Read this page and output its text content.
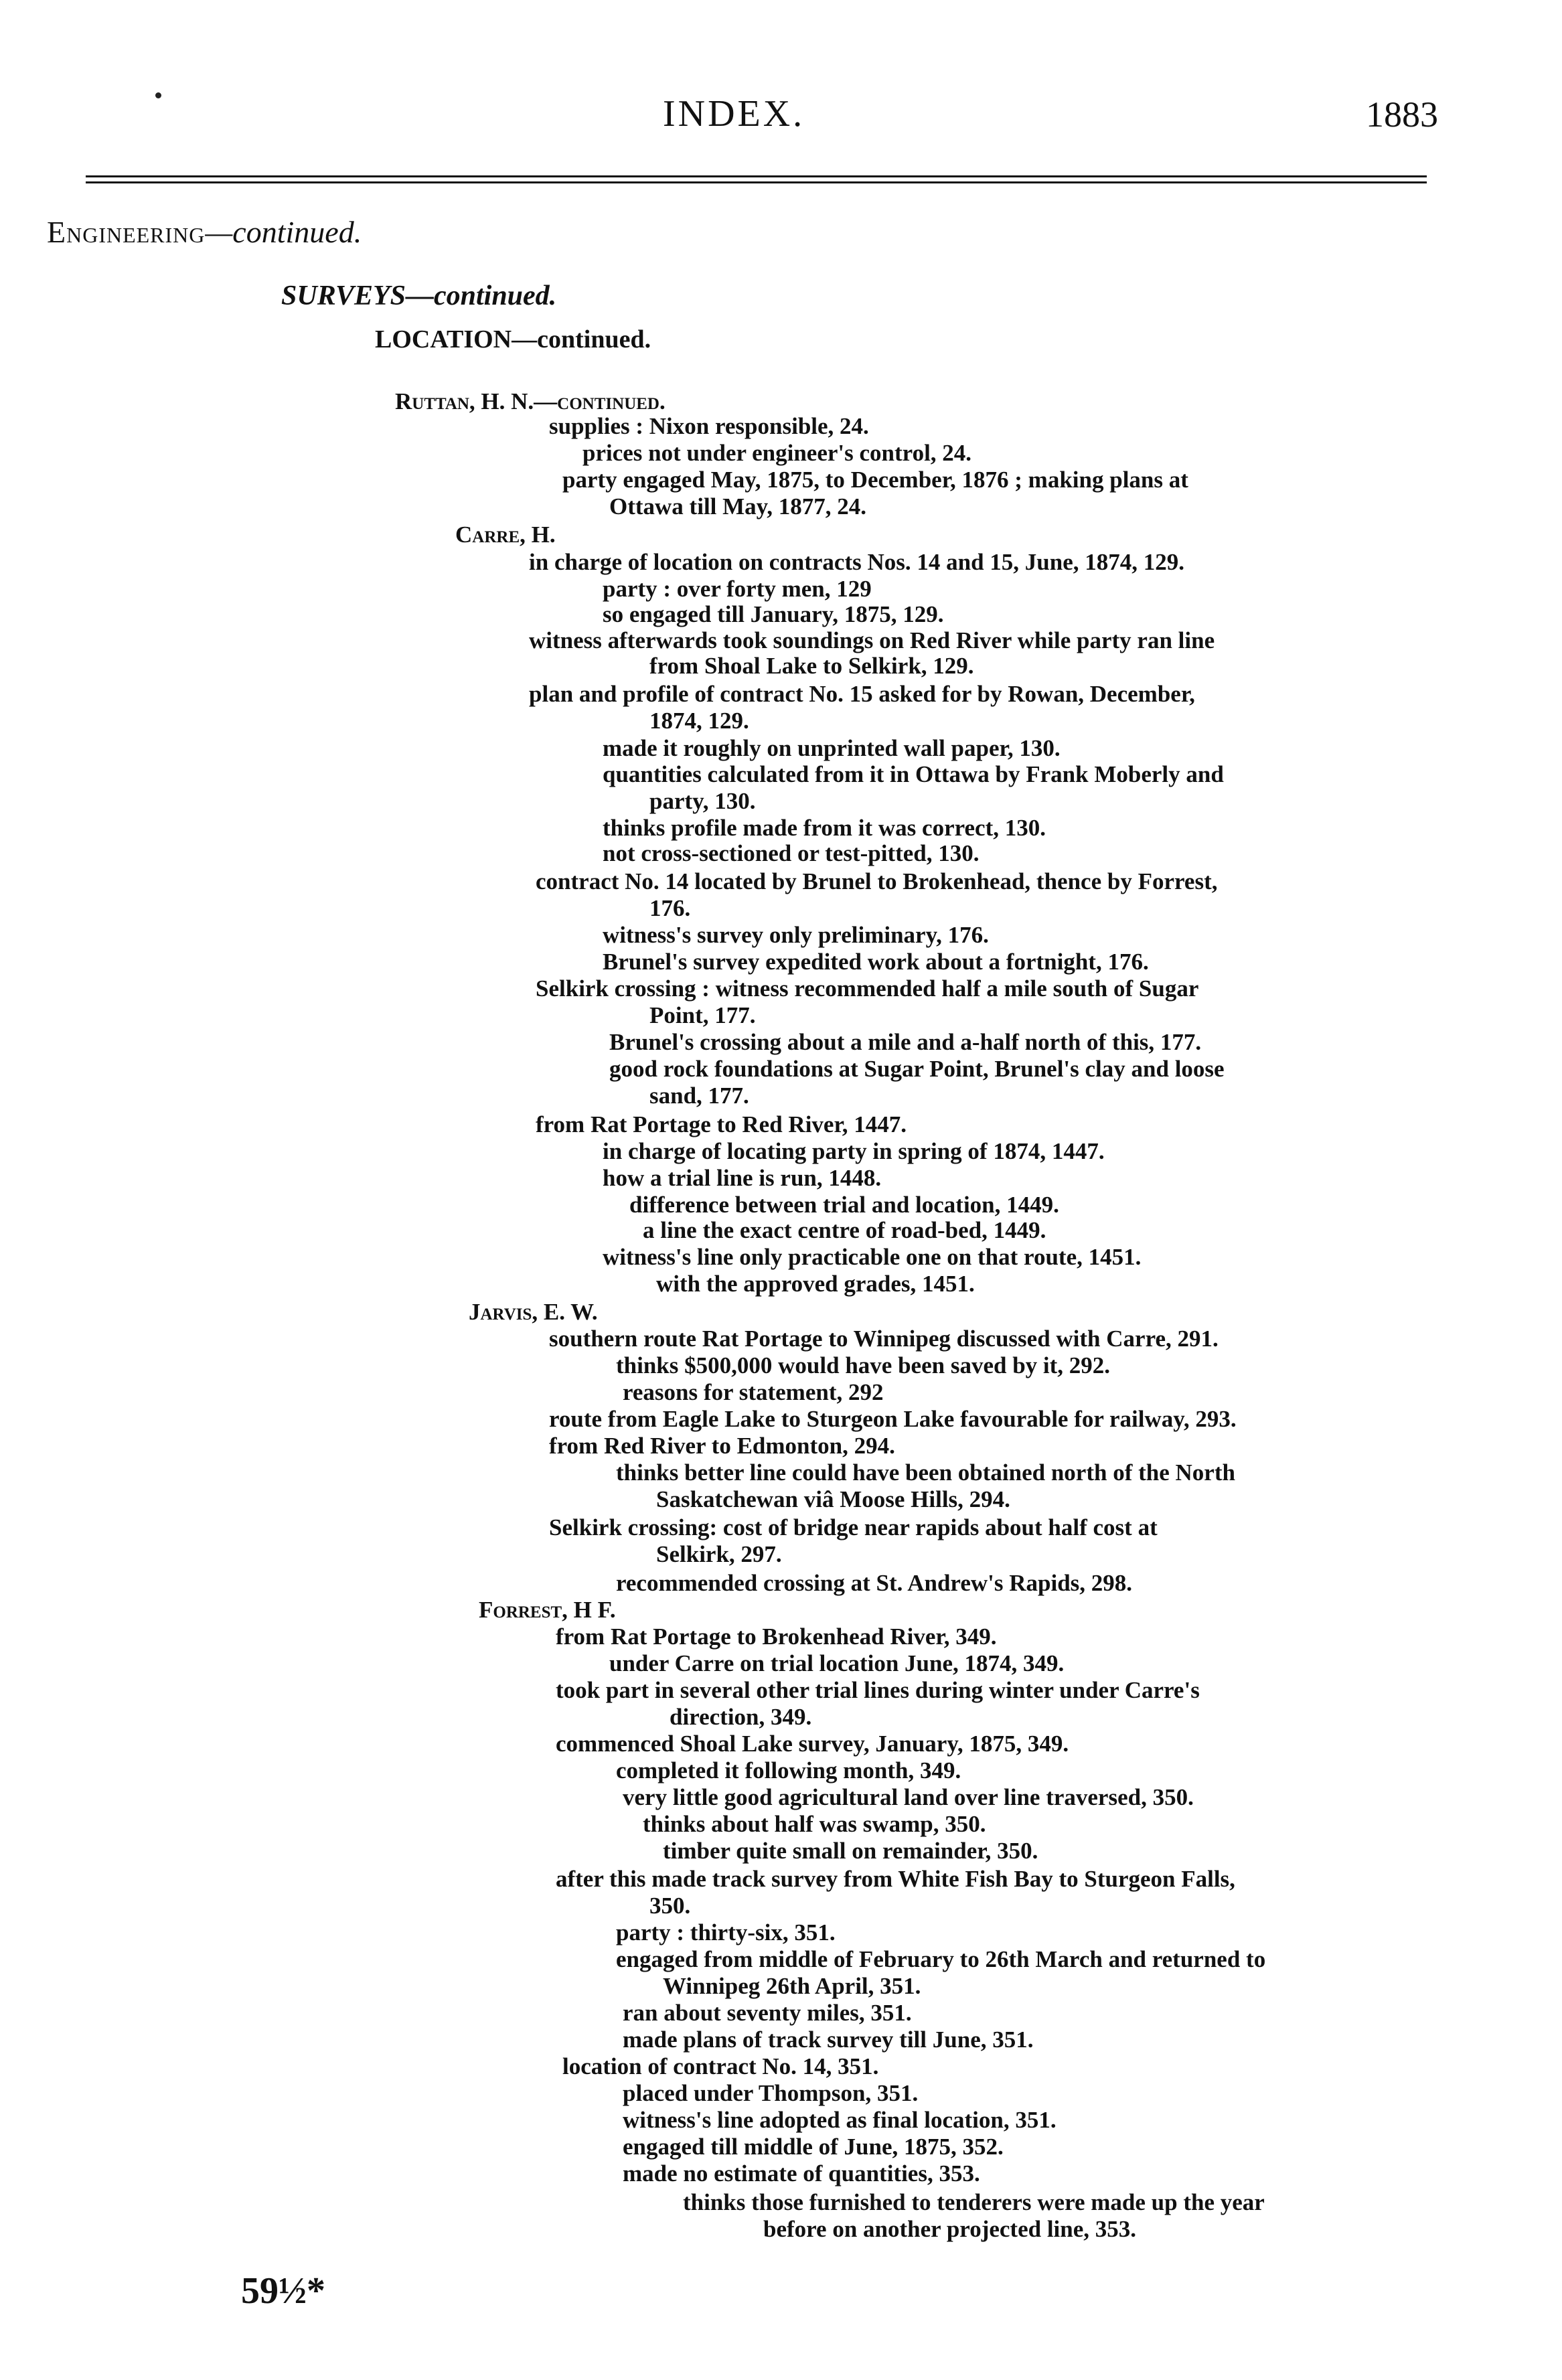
INDEX.	1883
Engineering—continued.
SURVEYS—continued.
LOCATION—continued.
Ruttan, H. N.—continued.
supplies : Nixon responsible, 24.
prices not under engineer's control, 24.
party engaged May, 1875, to December, 1876 ; making plans at
Ottawa till May, 1877, 24.
Carre, H.
in charge of location on contracts Nos. 14 and 15, June, 1874, 129.
party : over forty men, 129
so engaged till January, 1875, 129.
witness afterwards took soundings on Red River while party ran line
from Shoal Lake to Selkirk, 129.
plan and profile of contract No. 15 asked for by Rowan, December,
1874, 129.
made it roughly on unprinted wall paper, 130.
quantities calculated from it in Ottawa by Frank Moberly and
party, 130.
thinks profile made from it was correct, 130.
not cross-sectioned or test-pitted, 130.
contract No. 14 located by Brunel to Brokenhead, thence by Forrest,
176.
witness's survey only preliminary, 176.
Brunel's survey expedited work about a fortnight, 176.
Selkirk crossing : witness recommended half a mile south of Sugar
Point, 177.
Brunel's crossing about a mile and a-half north of this, 177.
good rock foundations at Sugar Point, Brunel's clay and loose
sand, 177.
from Rat Portage to Red River, 1447.
in charge of locating party in spring of 1874, 1447.
how a trial line is run, 1448.
difference between trial and location, 1449.
a line the exact centre of road-bed, 1449.
witness's line only practicable one on that route, 1451.
with the approved grades, 1451.
Jarvis, E. W.
southern route Rat Portage to Winnipeg discussed with Carre, 291.
thinks $500,000 would have been saved by it, 292.
reasons for statement, 292
route from Eagle Lake to Sturgeon Lake favourable for railway, 293.
from Red River to Edmonton, 294.
thinks better line could have been obtained north of the North
Saskatchewan viâ Moose Hills, 294.
Selkirk crossing: cost of bridge near rapids about half cost at
Selkirk, 297.
recommended crossing at St. Andrew's Rapids, 298.
Forrest, H F.
from Rat Portage to Brokenhead River, 349.
under Carre on trial location June, 1874, 349.
took part in several other trial lines during winter under Carre's
direction, 349.
commenced Shoal Lake survey, January, 1875, 349.
completed it following month, 349.
very little good agricultural land over line traversed, 350.
thinks about half was swamp, 350.
timber quite small on remainder, 350.
after this made track survey from White Fish Bay to Sturgeon Falls,
350.
party : thirty-six, 351.
engaged from middle of February to 26th March and returned to
Winnipeg 26th April, 351.
ran about seventy miles, 351.
made plans of track survey till June, 351.
location of contract No. 14, 351.
placed under Thompson, 351.
witness's line adopted as final location, 351.
engaged till middle of June, 1875, 352.
made no estimate of quantities, 353.
thinks those furnished to tenderers were made up the year
before on another projected line, 353.
59½*
